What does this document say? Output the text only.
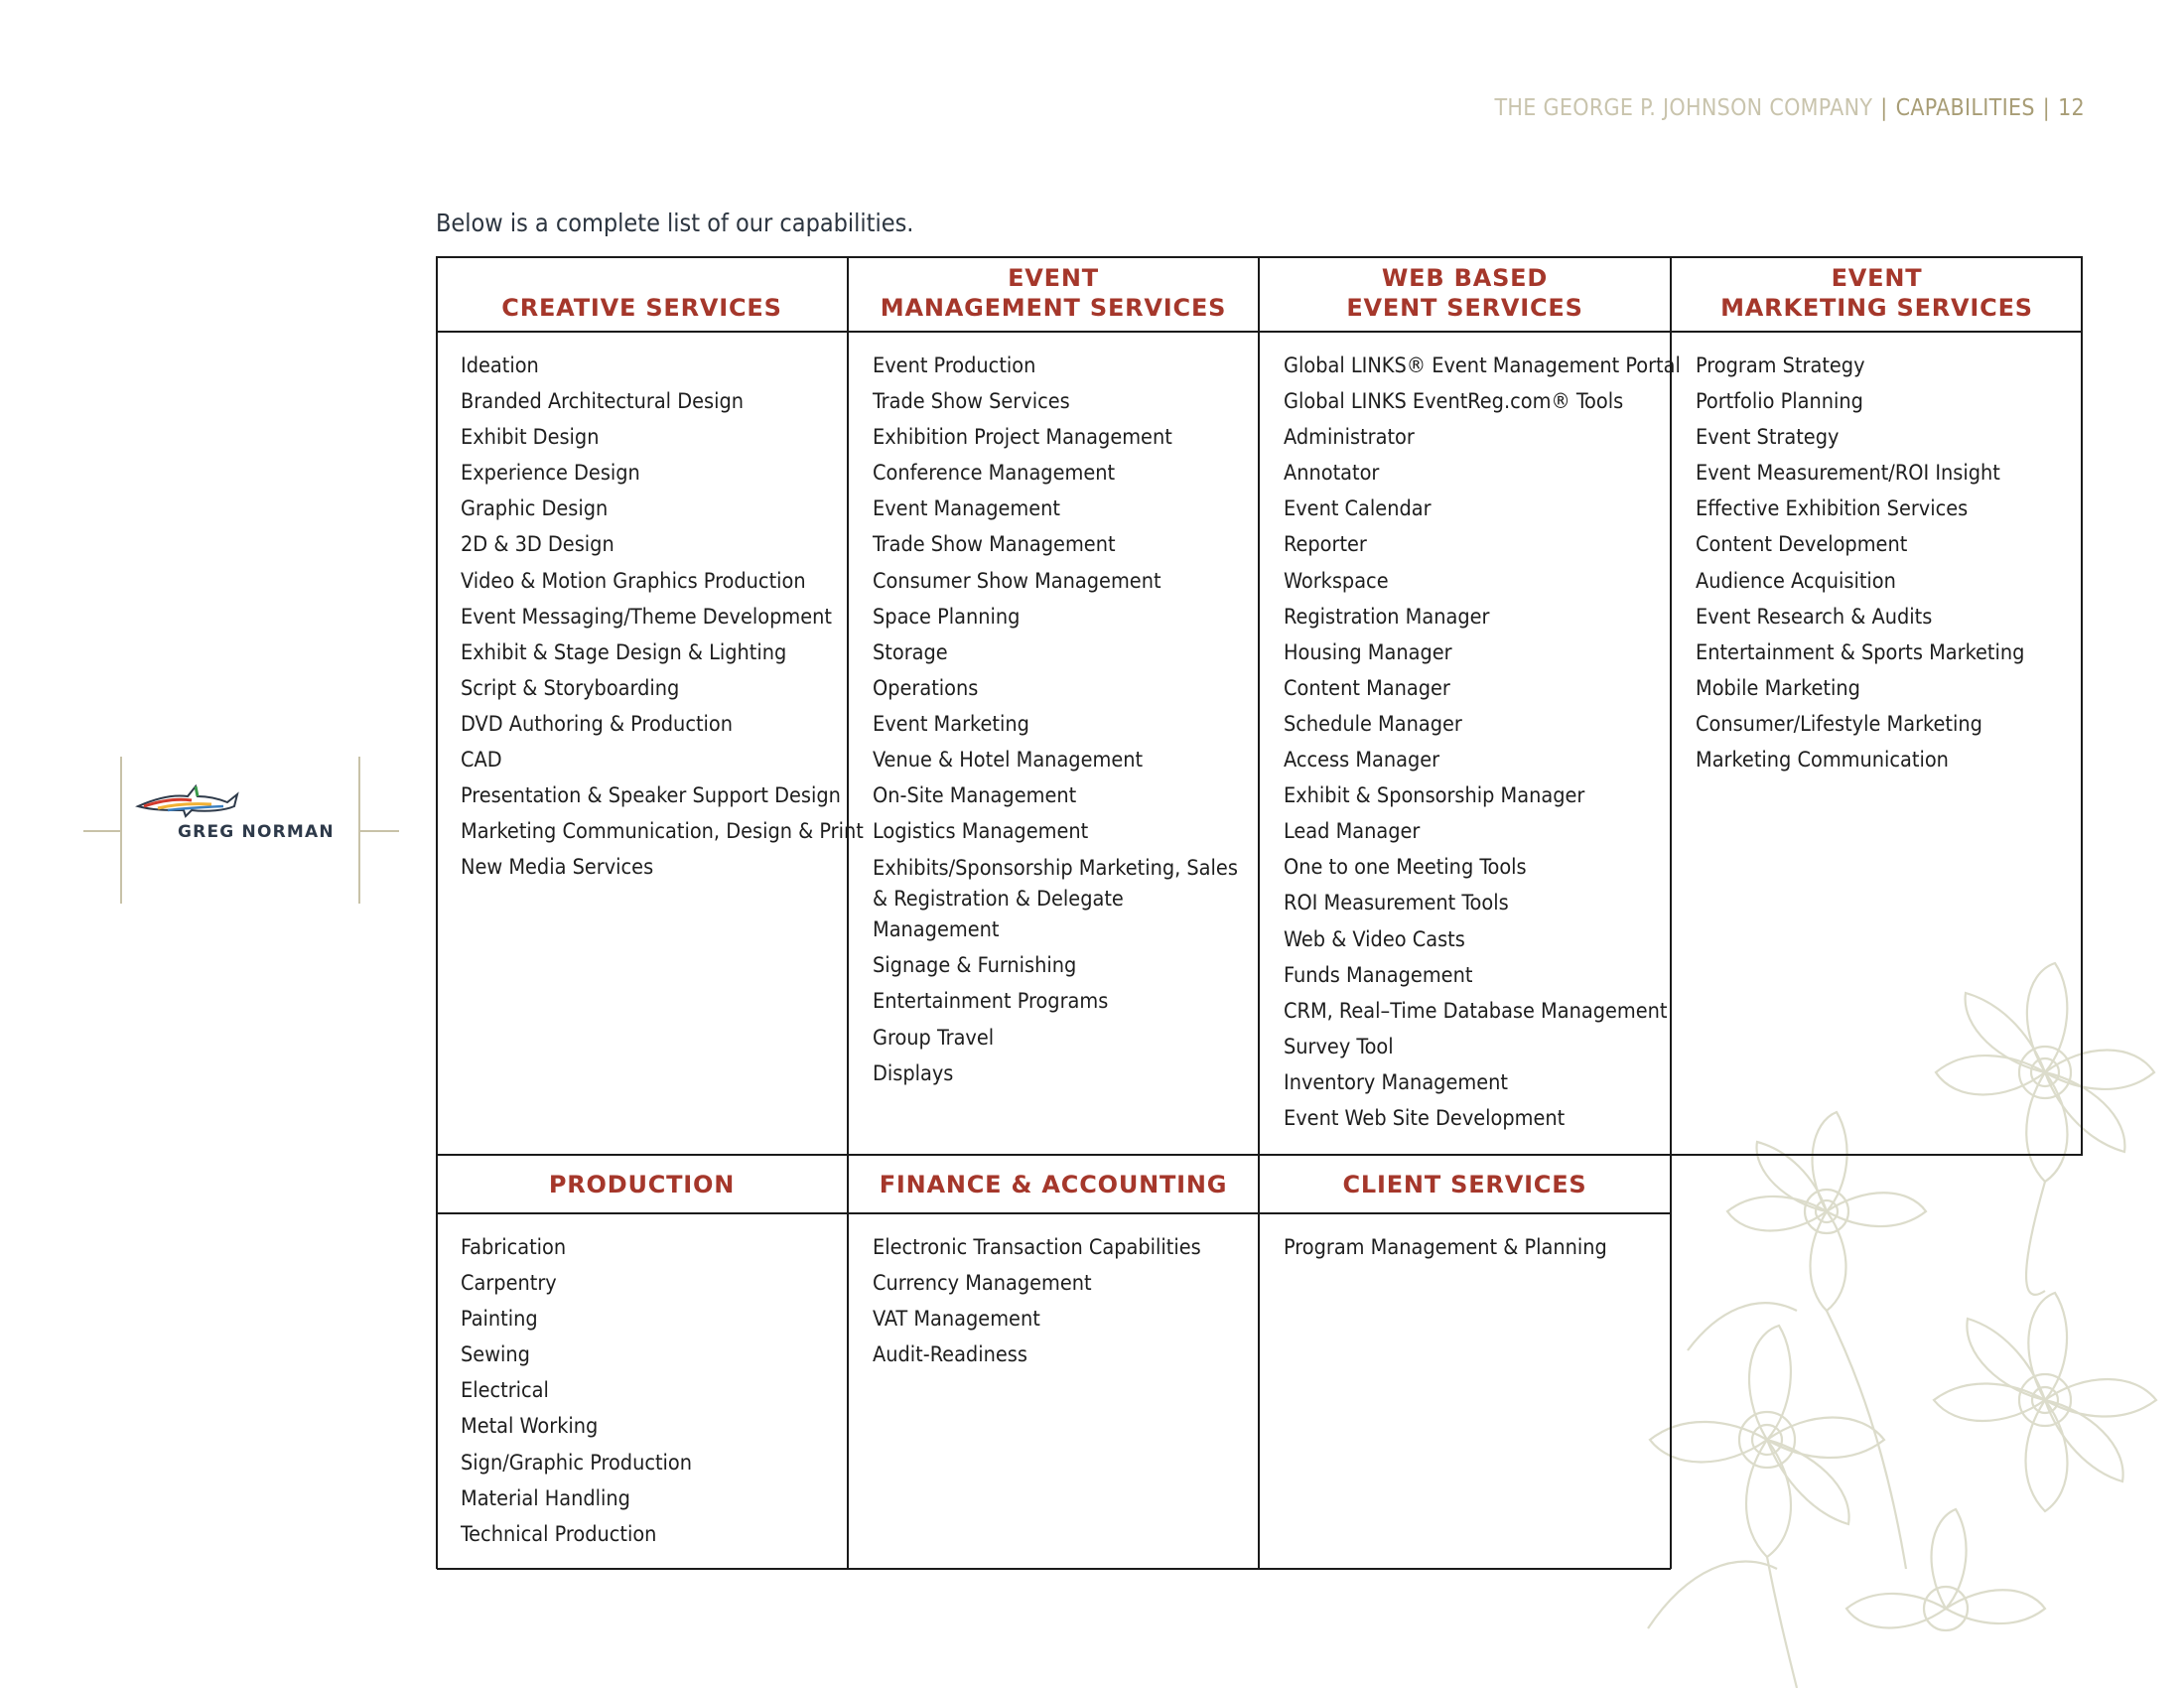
THE GEORGE P. JOHNSON COMPANY | CAPABILITIES | 12
Below is a complete list of our capabilities.
GREG NORMAN
CREATIVE SERVICES
EVENT
MANAGEMENT SERVICES
WEB BASED
EVENT SERVICES
EVENT
MARKETING SERVICES
Ideation
Branded Architectural Design
Exhibit Design
Experience Design
Graphic Design
2D & 3D Design
Video & Motion Graphics Production
Event Messaging/Theme Development
Exhibit & Stage Design & Lighting
Script & Storyboarding
DVD Authoring & Production
CAD
Presentation & Speaker Support Design
Marketing Communication, Design & Print
New Media Services
Event Production
Trade Show Services
Exhibition Project Management
Conference Management
Event Management
Trade Show Management
Consumer Show Management
Space Planning
Storage
Operations
Event Marketing
Venue & Hotel Management
On-Site Management
Logistics Management
Exhibits/Sponsorship Marketing, Sales & Registration & Delegate Management
Signage & Furnishing
Entertainment Programs
Group Travel
Displays
Global LINKS® Event Management Portal
Global LINKS EventReg.com® Tools
Administrator
Annotator
Event Calendar
Reporter
Workspace
Registration Manager
Housing Manager
Content Manager
Schedule Manager
Access Manager
Exhibit & Sponsorship Manager
Lead Manager
One to one Meeting Tools
ROI Measurement Tools
Web & Video Casts
Funds Management
CRM, Real–Time Database Management
Survey Tool
Inventory Management
Event Web Site Development
Program Strategy
Portfolio Planning
Event Strategy
Event Measurement/ROI Insight
Effective Exhibition Services
Content Development
Audience Acquisition
Event Research & Audits
Entertainment & Sports Marketing
Mobile Marketing
Consumer/Lifestyle Marketing
Marketing Communication
PRODUCTION	FINANCE & ACCOUNTING	CLIENT SERVICES
Fabrication
Carpentry
Painting
Sewing
Electrical
Metal Working
Sign/Graphic Production
Material Handling
Technical Production
Electronic Transaction Capabilities
Currency Management
VAT Management
Audit-Readiness
Program Management & Planning
